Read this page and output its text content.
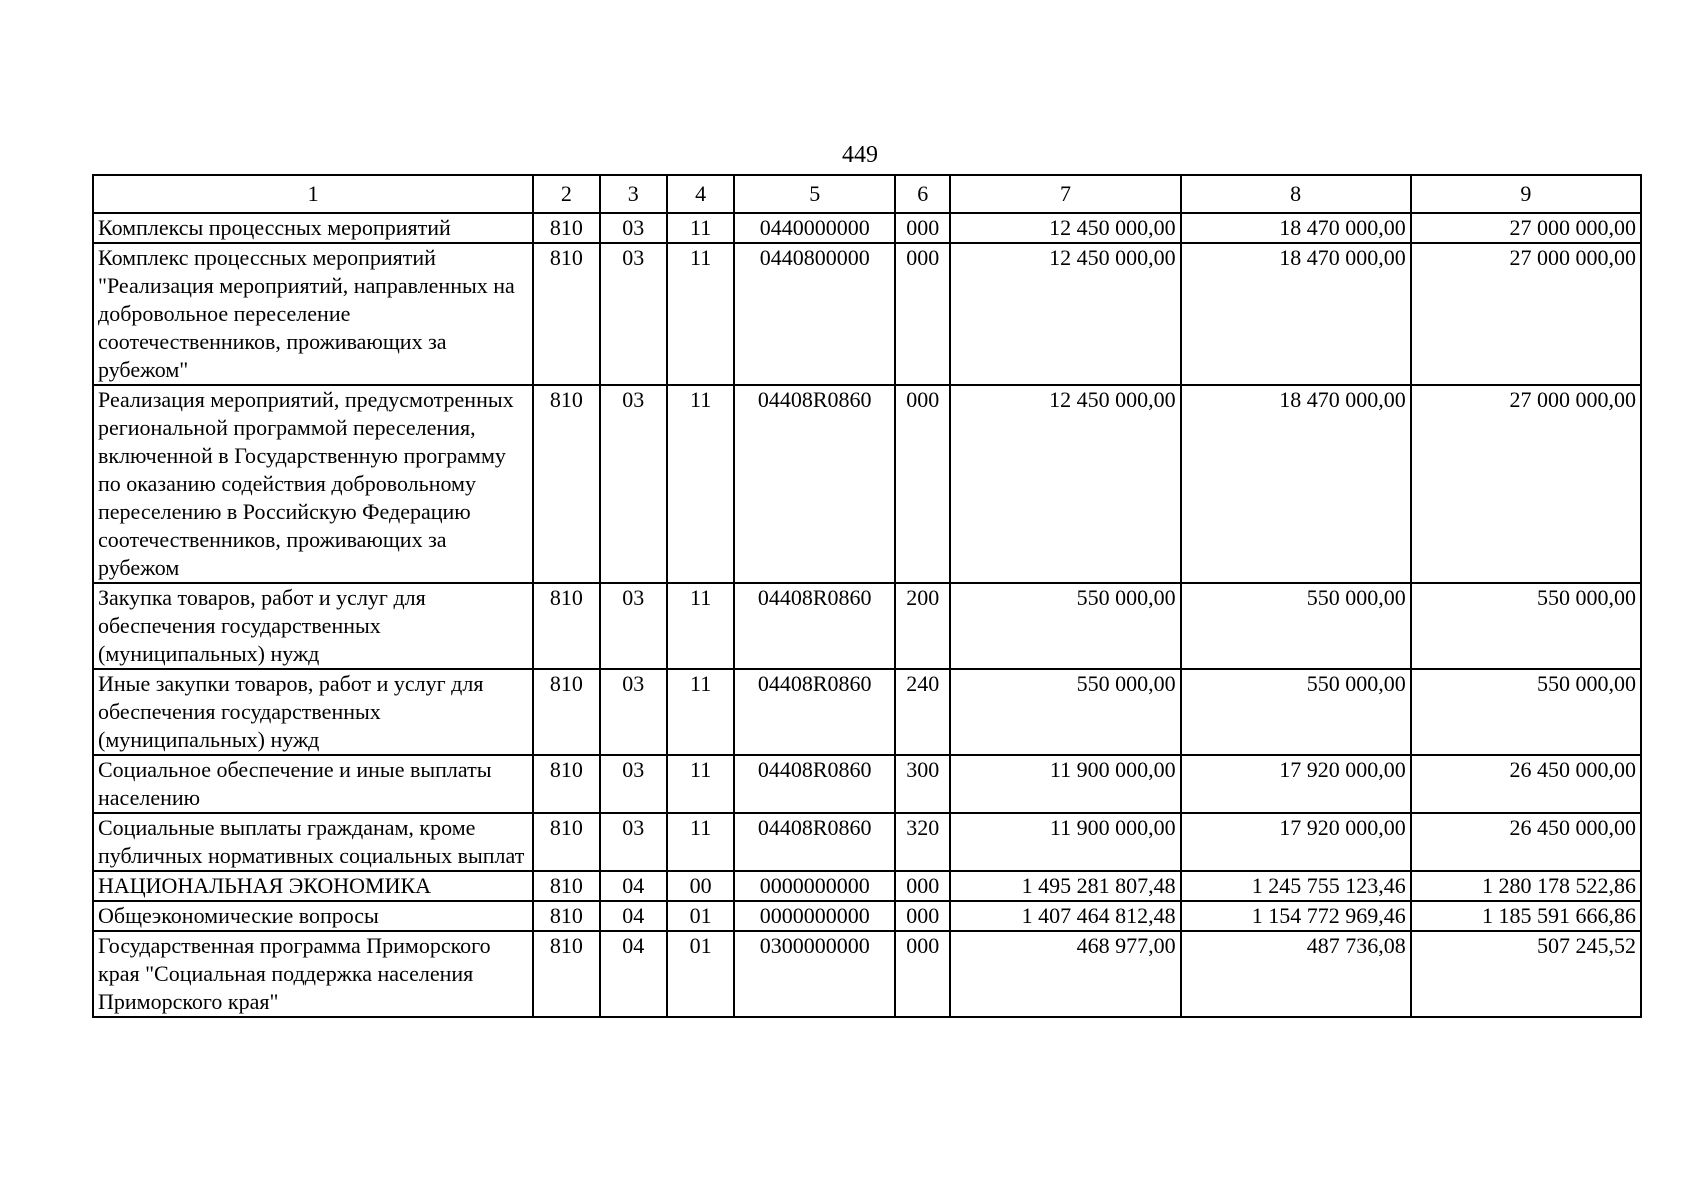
449
1	2	3	4	5	6	7	8	9
Комплексы процессных мероприятий	810	03	11	0440000000	000	12 450 000,00	18 470 000,00	27 000 000,00
Комплекс процессных мероприятий "Реализация мероприятий, направленных на добровольное переселение соотечественников, проживающих за рубежом"	810	03	11	0440800000	000	12 450 000,00	18 470 000,00	27 000 000,00
Реализация мероприятий, предусмотренных региональной программой переселения, включенной в Государственную программу по оказанию содействия добровольному переселению в Российскую Федерацию соотечественников, проживающих за рубежом	810	03	11	04408R0860	000	12 450 000,00	18 470 000,00	27 000 000,00
Закупка товаров, работ и услуг для обеспечения государственных (муниципальных) нужд	810	03	11	04408R0860	200	550 000,00	550 000,00	550 000,00
Иные закупки товаров, работ и услуг для обеспечения государственных (муниципальных) нужд	810	03	11	04408R0860	240	550 000,00	550 000,00	550 000,00
Социальное обеспечение и иные выплаты населению	810	03	11	04408R0860	300	11 900 000,00	17 920 000,00	26 450 000,00
Социальные выплаты гражданам, кроме публичных нормативных социальных выплат	810	03	11	04408R0860	320	11 900 000,00	17 920 000,00	26 450 000,00
НАЦИОНАЛЬНАЯ ЭКОНОМИКА	810	04	00	0000000000	000	1 495 281 807,48	1 245 755 123,46	1 280 178 522,86
Общеэкономические вопросы	810	04	01	0000000000	000	1 407 464 812,48	1 154 772 969,46	1 185 591 666,86
Государственная программа Приморского края "Социальная поддержка населения Приморского края"	810	04	01	0300000000	000	468 977,00	487 736,08	507 245,52
